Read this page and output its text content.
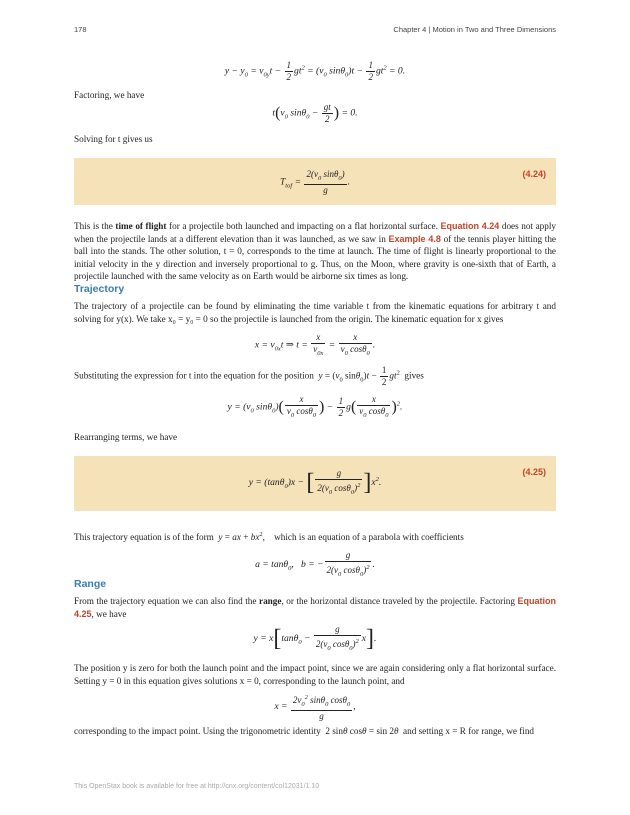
178	Chapter 4 | Motion in Two and Three Dimensions
$y - y_0 = v_{0y}t - \frac{1}{2} gt^2 = (v_0$ $\sin\theta_0)t - \frac{1}{2} gt^2 = 0$.

Factoring, we have

$t(v_0$ $\sin\theta_0 - \frac{gt}{2}$ ) = 0.

Solving for t gives us

$T_{tof} = \frac{2(v_0 \sin\theta_0)}{g}$ .
(4.24)

This is the time of flight for a projectile both launched and impacting on a flat horizontal surface. Equation 4.24 does not apply when the projectile lands at a different elevation than it was launched, as we saw in Example 4.8 of the tennis player hitting the ball into the stands. The other solution, t = 0, corresponds to the time at launch. The time of flight is linearly proportional to the initial velocity in the y direction and inversely proportional to g. Thus, on the Moon, where gravity is one-sixth that of Earth, a projectile launched with the same velocity as on Earth would be airborne six times as long.

Trajectory

The trajectory of a projectile can be found by eliminating the time variable t from the kinematic equations for arbitrary t and solving for y(x). We take x₀ = y₀ = 0 so the projectile is launched from the origin. The kinematic equation for x gives

$x = v_{0x}t$ ⇒ $t = \frac{x}{v_{0x}} = \frac{x}{v_0 \cos\theta_0}$ .
Substituting the expression for t into the equation for the position $y = (v_0$ $\sin\theta_0)t - \frac{1}{2} gt^2$ gives
$y = (v_0$ $\sin\theta_0)( \frac{x}{v_0 \cos\theta_0}$ ) − $\frac{1}{2} g( \frac{x}{v_0 \cos\theta_0} )^2$.

Rearranging terms, we have

y = (tanθ$_0$)x − [ $\frac{g}{2(v_0 \cos\theta_0)^2} ]x^2$.
(4.25)
This trajectory equation is of the form y = ax + $bx^2$,    which is an equation of a parabola with coefficients
a = tanθ$_0$,   b = − $\frac{g}{2(v_0 \cos\theta_0)^2}$ .
Range

From the trajectory equation we can also find the range, or the horizontal distance traveled by the projectile. Factoring Equation 4.25, we have

$y = x[\tan\theta_0 - \frac{g}{2(v_0 \cos\theta_0)^2} x]$.

The position y is zero for both the launch point and the impact point, since we are again considering only a flat horizontal surface. Setting y = 0 in this equation gives solutions x = 0, corresponding to the launch point, and

$x = \frac{2v_0^2 \sin\theta_0 \cos\theta_0}{g}$ ,
corresponding to the impact point. Using the trigonometric identity  2 sinθ cosθ = sin 2θ and setting x = R for range, we find
This OpenStax book is available for free at http://cnx.org/content/col12031/1.10
